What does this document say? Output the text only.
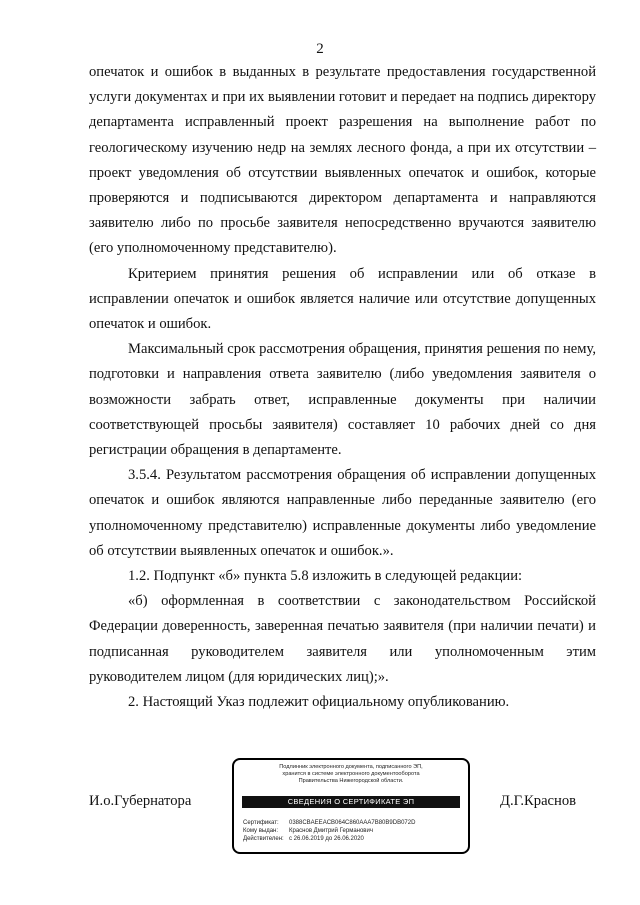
2

опечаток и ошибок в выданных в результате предоставления государственной услуги документах и при их выявлении готовит и передает на подпись директору департамента исправленный проект разрешения на выполнение работ по геологическому изучению недр на землях лесного фонда, а при их отсутствии – проект уведомления об отсутствии выявленных опечаток и ошибок, которые проверяются и подписываются директором департамента и направляются заявителю либо по просьбе заявителя непосредственно вручаются заявителю (его уполномоченному представителю).

Критерием принятия решения об исправлении или об отказе в исправлении опечаток и ошибок является наличие или отсутствие допущенных опечаток и ошибок.

Максимальный срок рассмотрения обращения, принятия решения по нему, подготовки и направления ответа заявителю (либо уведомления заявителя о возможности забрать ответ, исправленные документы при наличии соответствующей просьбы заявителя) составляет 10 рабочих дней со дня регистрации обращения в департаменте.

3.5.4. Результатом рассмотрения обращения об исправлении допущенных опечаток и ошибок являются направленные либо переданные заявителю (его уполномоченному представителю) исправленные документы либо уведомление об отсутствии выявленных опечаток и ошибок.».

1.2. Подпункт «б» пункта 5.8 изложить в следующей редакции:

«б) оформленная в соответствии с законодательством Российской Федерации доверенность, заверенная печатью заявителя (при наличии печати) и подписанная руководителем заявителя или уполномоченным этим руководителем лицом (для юридических лиц);».

2. Настоящий Указ подлежит официальному опубликованию.

И.о.Губернатора	Д.Г.Краснов
Подлинник электронного документа, подписанного ЭП,
хранится в системе электронного документооборота
Правительства Нижегородской области.
СВЕДЕНИЯ О СЕРТИФИКАТЕ ЭП
Сертификат:	0388CBAEEACB064C860AAA7B80B9DB072D
Кому выдан:	Краснов Дмитрий Германович
Действителен: с 26.06.2019 до 26.06.2020
